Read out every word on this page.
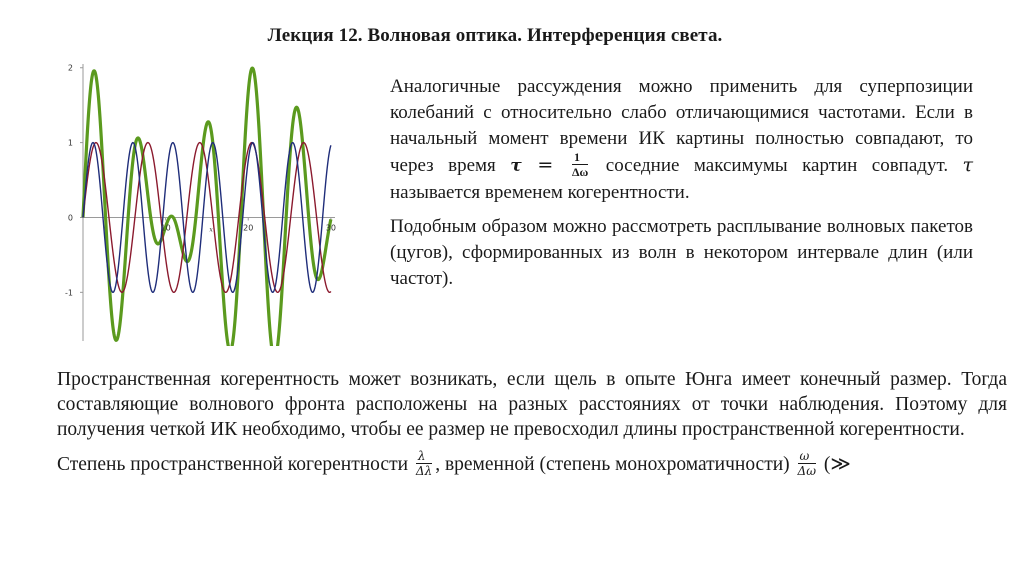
Лекция 12. Волновая оптика. Интерференция света.
2
1
0
-1
10	20	30
x

Аналогичные рассуждения можно применить для суперпозиции колебаний с относительно слабо отличающимися частотами. Если в начальный момент времени ИК картины полностью совпадают, то через время $\tau = \frac{1}{\Delta\omega}$ соседние максимумы картин совпадут. τ называется временем когерентности.

Подобным образом можно рассмотреть расплывание волновых пакетов (цугов), сформированных из волн в некотором интервале длин (или частот).

Пространственная когерентность может возникать, если щель в опыте Юнга имеет конечный размер. Тогда составляющие волнового фронта расположены на разных расстояниях от точки наблюдения. Поэтому для получения четкой ИК необходимо, чтобы ее размер не превосходил длины пространственной когерентности.

Степень пространственной когерентности $\frac{\lambda}{\Delta\lambda}$ , временной (степень монохроматичности) $\frac{\omega}{\Delta\omega}$ (≫
